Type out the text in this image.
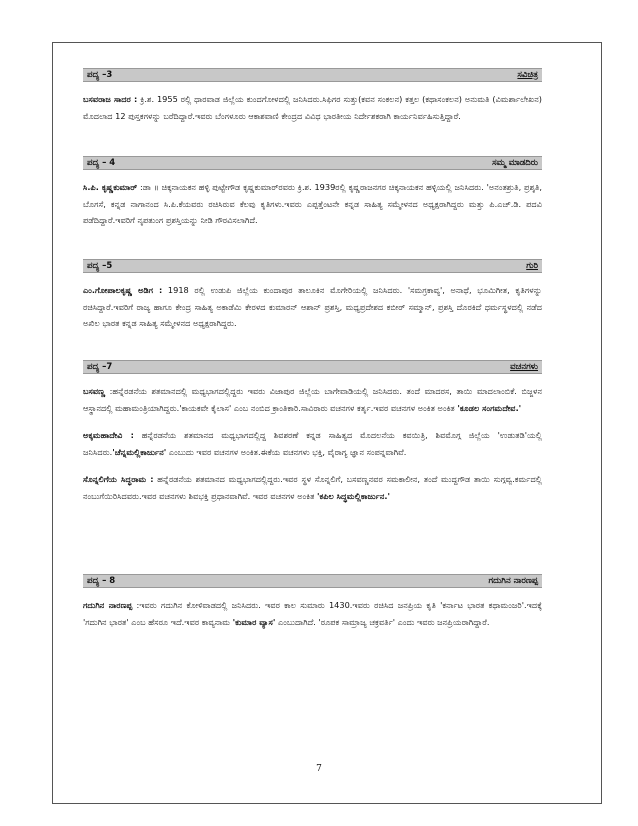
ಪದ್ಯ –3	ಸವಿಚಿತ್ರ

ಬಸವರಾಜ ಸಾದರ : ಕ್ರಿ.ಶ. 1955 ರಲ್ಲಿ ಧಾರವಾಡ ಜಿಲ್ಲೆಯ ಕುಂದಗೋಳದಲ್ಲಿ ಜನಿಸಿದರು.ಸಿಫಿಗರ ಸುತ್ತು(ಕವನ ಸಂಕಲನ) ಕತ್ತಲ (ಕಥಾಸಂಕಲನ) ಅನುಮತಿ (ವಿಮರ್ಶಾಲೇಖನ) ಮೊದಲಾದ 12 ಪುಸ್ತಕಗಳನ್ನು ಬರೆದಿದ್ದಾರೆ.ಇವರು ಬೆಂಗಳೂರು ಆಕಾಶವಾಣಿ ಕೇಂದ್ರದ ವಿವಿಧ ಭಾರತೀಯ ನಿರ್ದೇಶಕರಾಗಿ ಕಾರ್ಯನಿರ್ವಹಿಸುತ್ತಿದ್ದಾರೆ.

ಪದ್ಯ – 4	ಸಮ್ಮ ಮಾಡದಿರು

ಸಿ.ಪಿ. ಕೃಷ್ಣಕುಮಾರ್ :ಡಾ ॥ ಚಿಕ್ಕನಾಯಕನ ಹಳ್ಳಿ ಪುಟ್ಟೇಗೌಡ ಕೃಷ್ಣಕುಮಾರ್‌ರವರು ಕ್ರಿ.ಶ. 1939ರಲ್ಲಿ ಕೃಷ್ಣರಾಜನಗರ ಚಿಕ್ಕನಾಯಕನ ಹಳ್ಳಿಯಲ್ಲಿ ಜನಿಸಿದರು. 'ಅನಂತಶ್ರುತಿ, ಪ್ರಶ್ಶತಿ, ಬೊಗಸೆ, ಕನ್ನಡ ನಾಗಾನಂದ ಸಿ.ಪಿ.ಕೆಯವರು ರಚಿಸಿರುವ ಕೆಲವು ಕೃತಿಗಳು.ಇವರು ಎಪ್ಪತ್ತೆಂಟನೇ ಕನ್ನಡ ಸಾಹಿತ್ಯ ಸಮ್ಮೇಳನದ ಅಧ್ಯಕ್ಷರಾಗಿದ್ದರು ಮತ್ತು ಪಿ.ಎಚ್.ಡಿ. ಪದವಿ ಪಡೆದಿದ್ದಾರೆ.ಇವರಿಗೆ ನೃಪತುಂಗ ಪ್ರಶಸ್ತಿಯನ್ನು ನೀಡಿ ಗೌರವಿಸಲಾಗಿದೆ.

ಪದ್ಯ –5	ಗುರಿ

ಎಂ.ಗೋಪಾಲಕೃಷ್ಣ ಅಡಿಗ : 1918 ರಲ್ಲಿ ಉಡುಪಿ ಜಿಲ್ಲೆಯ ಕುಂದಾಪುರ ತಾಲೂಕಿನ ಮೊಗೇರಿಯಲ್ಲಿ ಜನಿಸಿದರು. 'ಸಮಗ್ರಕಾವ್ಯ', ಅನಾಥೆ, ಭೂಮಿಗೀತ, ಕೃತಿಗಳನ್ನು ರಚಿಸಿದ್ದಾರೆ.ಇವರಿಗೆ ರಾಜ್ಯ ಹಾಗೂ ಕೇಂದ್ರ ಸಾಹಿತ್ಯ ಅಕಾಡೆಮಿ ಕೇರಳದ ಕುಮಾರನ್ ಆಶಾನ್ ಪ್ರಶಸ್ತಿ, ಮಧ್ಯಪ್ರದೇಶದ ಕಬೀರ್ ಸಮ್ಮಾನ್, ಪ್ರಶಸ್ತಿ ದೊರಕಿದೆ ಧರ್ಮಸ್ಥಳದಲ್ಲಿ ನಡೆದ ಅಖಿಲ ಭಾರತ ಕನ್ನಡ ಸಾಹಿತ್ಯ ಸಮ್ಮೇಳನದ ಅಧ್ಯಕ್ಷರಾಗಿದ್ದರು.

ಪದ್ಯ –7	ವಚನಗಳು

ಬಸವಣ್ಣ :ಹನ್ನೆರಡನೆಯ ಶತಮಾನದಲ್ಲಿ ಮಧ್ಯಭಾಗದಲ್ಲಿದ್ದರು ಇವರು ವಿಜಾಪುರ ಜಿಲ್ಲೆಯ ಬಾಗೇವಾಡಿಯಲ್ಲಿ ಜನಿಸಿದರು. ತಂದೆ ಮಾದರಸ, ತಾಯಿ ಮಾದಲಾಂಬಿಕೆ. ಬಿಜ್ಜಳನ ಆಸ್ಥಾನದಲ್ಲಿ ಮಹಾಮಂತ್ರಿಯಾಗಿದ್ದರು.'ಕಾಯಕವೇ ಕೈಲಾಸ' ಎಂಬ ನಂಬಿದ ಕ್ರಾಂತಿಕಾರಿ.ಸಾವಿರಾರು ವಚನಗಳ ಕರ್ತೃ.ಇವರ ವಚನಗಳ ಅಂಕಿತ ಅಂಕಿತ 'ಕೂಡಲ ಸಂಗಮದೇವ.'

ಅಕ್ಕಮಹಾದೇವಿ : ಹನ್ನೆರಡನೆಯ ಶತಮಾನದ ಮಧ್ಯಭಾಗದಲ್ಲಿದ್ದ ಶಿವಶರಣೆ ಕನ್ನಡ ಸಾಹಿತ್ಯದ ಮೊದಲನೆಯ ಕವಯಿತ್ರಿ, ಶಿವಮೊಗ್ಗ ಜಿಲ್ಲೆಯ 'ಉಡುತಡಿ'ಯಲ್ಲಿ ಜನಿಸಿದರು.'ಚೆನ್ನಮಲ್ಲಿಕಾರ್ಜುನ' ಎಂಬುದು ಇವರ ವಚನಗಳ ಅಂಕಿತ.ಈಕೆಯ ವಚನಗಳು ಭಕ್ತಿ, ವೈರಾಗ್ಯ ಜ್ಞಾನ ಸಂಪನ್ನವಾಗಿವೆ.

ಸೊನ್ನಲಿಗೆಯ ಸಿದ್ಧರಾಮ : ಹನ್ನೆರಡನೆಯ ಶತಮಾನದ ಮಧ್ಯಭಾಗದಲ್ಲಿದ್ದರು.ಇವರ ಸ್ಥಳ ಸೊನ್ನಲಿಗೆ, ಬಸವಣ್ಣನವರ ಸಮಕಾಲೀನ, ತಂದೆ ಮುದ್ದಗೌಡ ತಾಯಿ ಸುಗ್ಗವ್ವ.ಕರ್ಮದಲ್ಲಿ ನಂಬುಗೆಯಿರಿಸಿದವರು.ಇವರ ವಚನಗಳು ಶಿವಭಕ್ತಿ ಪ್ರಧಾನವಾಗಿವೆ. ಇವರ ವಚನಗಳ ಅಂಕಿತ 'ಕಪಿಲ ಸಿದ್ಧಮಲ್ಲಿಕಾರ್ಜುನ.'

ಪದ್ಯ – 8	ಗದುಗಿನ ನಾರಣಪ್ಪ

ಗದುಗಿನ ನಾರಣಪ್ಪ :ಇವರು ಗದುಗಿನ ಕೋಳಿವಾಡದಲ್ಲಿ ಜನಿಸಿದರು. ಇವರ ಕಾಲ ಸುಮಾರು 1430.ಇವರು ರಚಿಸಿದ ಜನಪ್ರಿಯ ಕೃತಿ 'ಕರ್ನಾಟ ಭಾರತ ಕಥಾಮಂಜರಿ'.ಇದಕ್ಕೆ 'ಗದುಗಿನ ಭಾರತ' ಎಂಬ ಹೆಸರೂ ಇದೆ.ಇವರ ಕಾವ್ಯನಾಮ 'ಕುಮಾರ ವ್ಯಾಸ' ಎಂಬುದಾಗಿದೆ. 'ರೂಪಕ ಸಾಮ್ರಾಜ್ಯ ಚಕ್ರವರ್ತಿ' ಎಂದು ಇವರು ಜನಪ್ರಿಯರಾಗಿದ್ದಾರೆ.

7
